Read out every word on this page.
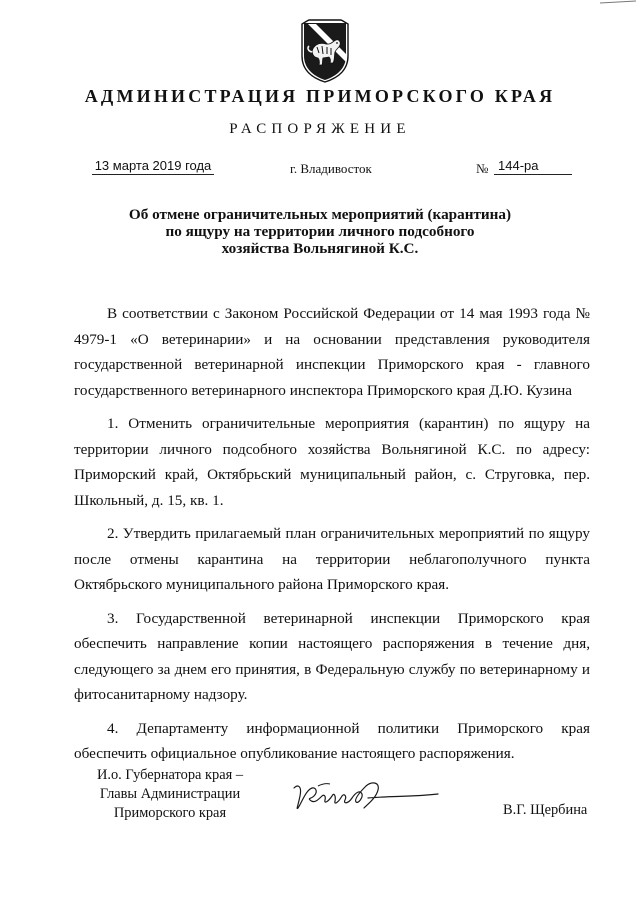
АДМИНИСТРАЦИЯ ПРИМОРСКОГО КРАЯ
РАСПОРЯЖЕНИЕ
13 марта 2019 года	г. Владивосток	№ 144-ра
Об отмене ограничительных мероприятий (карантина)
по ящуру на территории личного подсобного
хозяйства Вольнягиной К.С.

В соответствии с Законом Российской Федерации от 14 мая 1993 года № 4979-1 «О ветеринарии» и на основании представления руководителя государственной ветеринарной инспекции Приморского края - главного государственного ветеринарного инспектора Приморского края Д.Ю. Кузина

1. Отменить ограничительные мероприятия (карантин) по ящуру на территории личного подсобного хозяйства Вольнягиной К.С. по адресу: Приморский край, Октябрьский муниципальный район, с. Струговка, пер. Школьный, д. 15, кв. 1.

2. Утвердить прилагаемый план ограничительных мероприятий по ящуру после отмены карантина на территории неблагополучного пункта Октябрьского муниципального района Приморского края.

3. Государственной ветеринарной инспекции Приморского края обеспечить направление копии настоящего распоряжения в течение дня, следующего за днем его принятия, в Федеральную службу по ветеринарному и фитосанитарному надзору.

4. Департаменту информационной политики Приморского края обеспечить официальное опубликование настоящего распоряжения.

И.о. Губернатора края –
Главы Администрации
Приморского края	В.Г. Щербина
